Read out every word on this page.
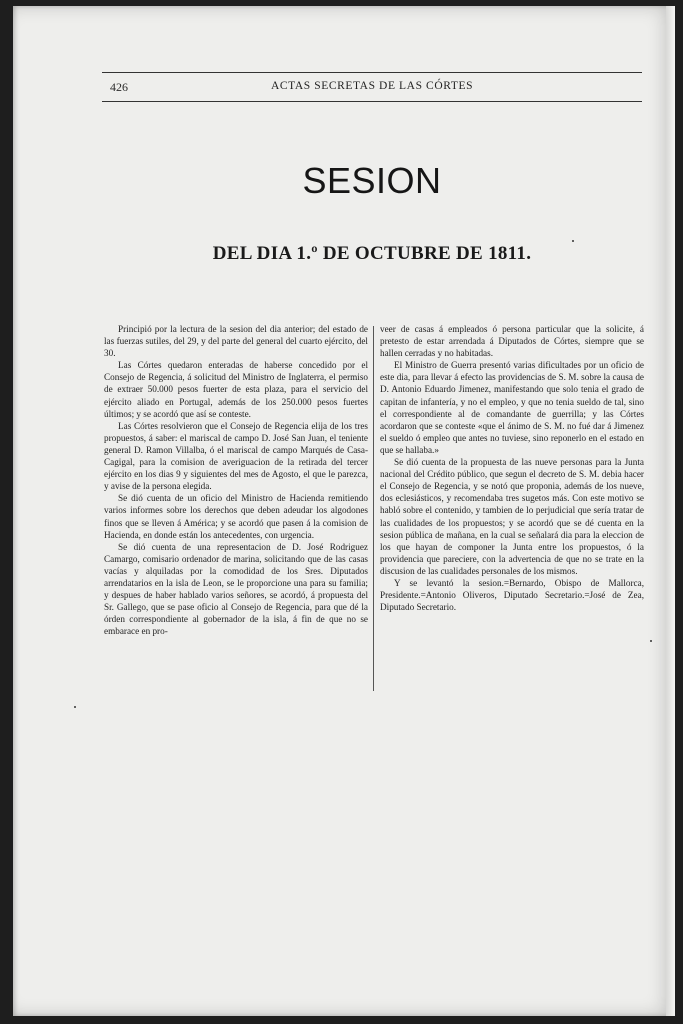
426	ACTAS SECRETAS DE LAS CÓRTES
SESION
DEL DIA 1.º DE OCTUBRE DE 1811.

Principió por la lectura de la sesion del dia anterior; del estado de las fuerzas sutiles, del 29, y del parte del general del cuarto ejército, del 30.

Las Córtes quedaron enteradas de haberse concedido por el Consejo de Regencia, á solicitud del Ministro de Inglaterra, el permiso de extraer 50.000 pesos fuerter de esta plaza, para el servicio del ejército aliado en Portugal, además de los 250.000 pesos fuertes últimos; y se acordó que así se conteste.

Las Córtes resolvieron que el Consejo de Regencia elija de los tres propuestos, á saber: el mariscal de campo D. José San Juan, el teniente general D. Ramon Villalba, ó el mariscal de campo Marqués de Casa-Cagigal, para la comision de averiguacion de la retirada del tercer ejército en los dias 9 y siguientes del mes de Agosto, el que le parezca, y avise de la persona elegida.

Se dió cuenta de un oficio del Ministro de Hacienda remitiendo varios informes sobre los derechos que deben adeudar los algodones finos que se lleven á América; y se acordó que pasen á la comision de Hacienda, en donde están los antecedentes, con urgencia.

Se dió cuenta de una representacion de D. José Rodriguez Camargo, comisario ordenador de marina, solicitando que de las casas vacías y alquiladas por la comodidad de los Sres. Diputados arrendatarios en la isla de Leon, se le proporcione una para su familia; y despues de haber hablado varios señores, se acordó, á propuesta del Sr. Gallego, que se pase oficio al Consejo de Regencia, para que dé la órden correspondiente al gobernador de la isla, á fin de que no se embarace en pro-

veer de casas á empleados ó persona particular que la solicite, á pretesto de estar arrendada á Diputados de Córtes, siempre que se hallen cerradas y no habitadas.

El Ministro de Guerra presentó varias dificultades por un oficio de este dia, para llevar á efecto las providencias de S. M. sobre la causa de D. Antonio Eduardo Jimenez, manifestando que solo tenia el grado de capitan de infantería, y no el empleo, y que no tenia sueldo de tal, sino el correspondiente al de comandante de guerrilla; y las Córtes acordaron que se conteste «que el ánimo de S. M. no fué dar á Jimenez el sueldo ó empleo que antes no tuviese, sino reponerlo en el estado en que se hallaba.»

Se dió cuenta de la propuesta de las nueve personas para la Junta nacional del Crédito público, que segun el decreto de S. M. debia hacer el Consejo de Regencia, y se notó que proponia, además de los nueve, dos eclesiásticos, y recomendaba tres sugetos más. Con este motivo se habló sobre el contenido, y tambien de lo perjudicial que sería tratar de las cualidades de los propuestos; y se acordó que se dé cuenta en la sesion pública de mañana, en la cual se señalará dia para la eleccion de los que hayan de componer la Junta entre los propuestos, ó la providencia que pareciere, con la advertencia de que no se trate en la discusion de las cualidades personales de los mismos.

Y se levantó la sesion.=Bernardo, Obispo de Mallorca, Presidente.=Antonio Oliveros, Diputado Secretario.=José de Zea, Diputado Secretario.
